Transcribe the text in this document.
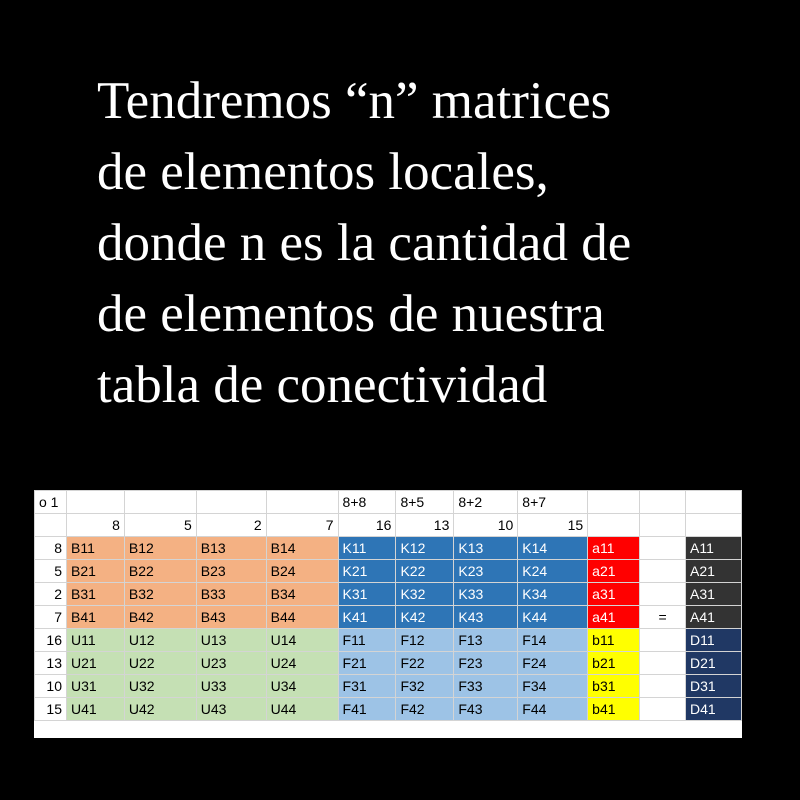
Tendremos “n” matrices
de elementos locales,
donde n es la cantidad de
de elementos de nuestra
tabla de conectividad
o 1					8+8	8+5	8+2	8+7			
	8	5	2	7	16	13	10	15			
8	B11	B12	B13	B14	K11	K12	K13	K14	a11		A11
5	B21	B22	B23	B24	K21	K22	K23	K24	a21		A21
2	B31	B32	B33	B34	K31	K32	K33	K34	a31		A31
7	B41	B42	B43	B44	K41	K42	K43	K44	a41	=	A41
16	U11	U12	U13	U14	F11	F12	F13	F14	b11		D11
13	U21	U22	U23	U24	F21	F22	F23	F24	b21		D21
10	U31	U32	U33	U34	F31	F32	F33	F34	b31		D31
15	U41	U42	U43	U44	F41	F42	F43	F44	b41		D41
